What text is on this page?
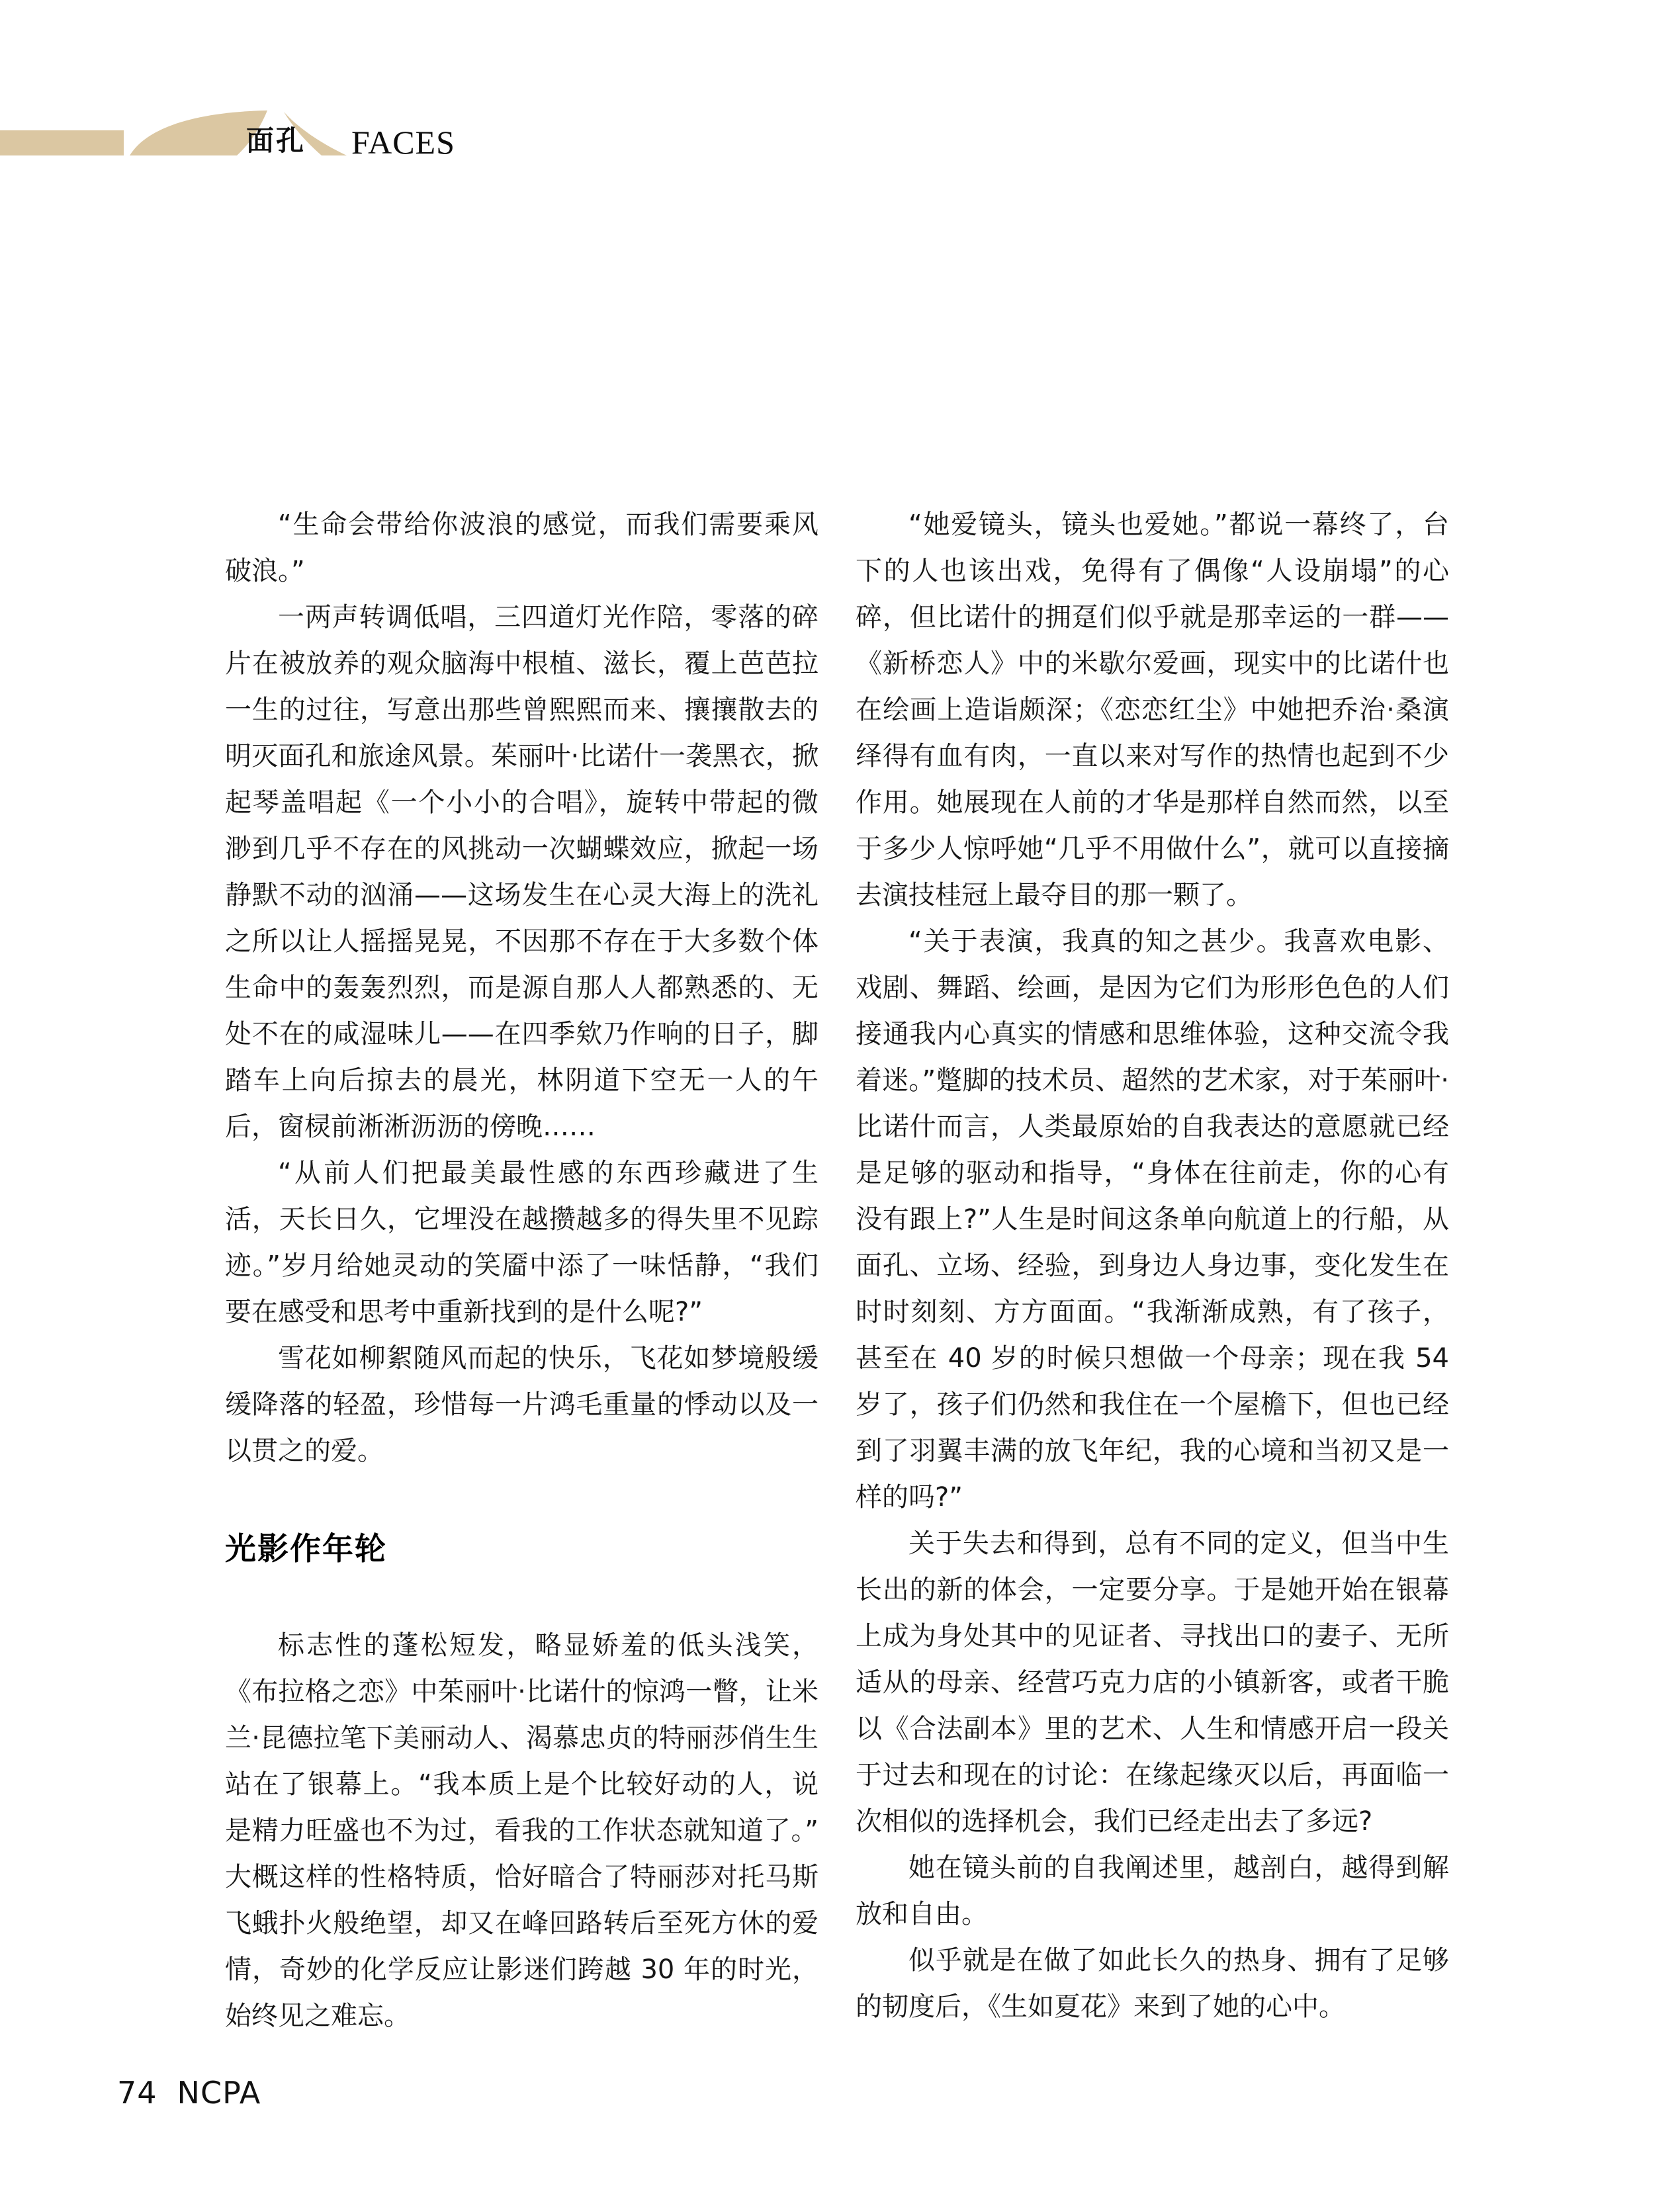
面孔 FACES

“生命会带给你波浪的感觉，而我们需要乘风破浪。”

一两声转调低唱，三四道灯光作陪，零落的碎片在被放养的观众脑海中根植、滋长，覆上芭芭拉一生的过往，写意出那些曾熙熙而来、攘攘散去的明灭面孔和旅途风景。茱丽叶·比诺什一袭黑衣，掀起琴盖唱起《一个小小的合唱》，旋转中带起的微渺到几乎不存在的风挑动一次蝴蝶效应，掀起一场静默不动的汹涌——这场发生在心灵大海上的洗礼之所以让人摇摇晃晃，不因那不存在于大多数个体生命中的轰轰烈烈，而是源自那人人都熟悉的、无处不在的咸湿味儿——在四季欸乃作响的日子，脚踏车上向后掠去的晨光，林阴道下空无一人的午后，窗棂前淅淅沥沥的傍晚……

“从前人们把最美最性感的东西珍藏进了生活，天长日久，它埋没在越攒越多的得失里不见踪迹。”岁月给她灵动的笑靥中添了一味恬静，“我们要在感受和思考中重新找到的是什么呢?”

雪花如柳絮随风而起的快乐，飞花如梦境般缓缓降落的轻盈，珍惜每一片鸿毛重量的悸动以及一以贯之的爱。

光影作年轮

标志性的蓬松短发，略显娇羞的低头浅笑，《布拉格之恋》中茱丽叶·比诺什的惊鸿一瞥，让米兰·昆德拉笔下美丽动人、渴慕忠贞的特丽莎俏生生站在了银幕上。“我本质上是个比较好动的人，说是精力旺盛也不为过，看我的工作状态就知道了。”大概这样的性格特质，恰好暗合了特丽莎对托马斯飞蛾扑火般绝望，却又在峰回路转后至死方休的爱情，奇妙的化学反应让影迷们跨越 30 年的时光，始终见之难忘。

“她爱镜头，镜头也爱她。”都说一幕终了，台下的人也该出戏，免得有了偶像“人设崩塌”的心碎，但比诺什的拥趸们似乎就是那幸运的一群——《新桥恋人》中的米歇尔爱画，现实中的比诺什也在绘画上造诣颇深；《恋恋红尘》中她把乔治·桑演绎得有血有肉，一直以来对写作的热情也起到不少作用。她展现在人前的才华是那样自然而然，以至于多少人惊呼她“几乎不用做什么”，就可以直接摘去演技桂冠上最夺目的那一颗了。

“关于表演，我真的知之甚少。我喜欢电影、戏剧、舞蹈、绘画，是因为它们为形形色色的人们接通我内心真实的情感和思维体验，这种交流令我着迷。”蹩脚的技术员、超然的艺术家，对于茱丽叶·比诺什而言，人类最原始的自我表达的意愿就已经是足够的驱动和指导，“身体在往前走，你的心有没有跟上?”人生是时间这条单向航道上的行船，从面孔、立场、经验，到身边人身边事，变化发生在时时刻刻、方方面面。“我渐渐成熟，有了孩子，甚至在 40 岁的时候只想做一个母亲；现在我 54 岁了，孩子们仍然和我住在一个屋檐下，但也已经到了羽翼丰满的放飞年纪，我的心境和当初又是一样的吗?”

关于失去和得到，总有不同的定义，但当中生长出的新的体会，一定要分享。于是她开始在银幕上成为身处其中的见证者、寻找出口的妻子、无所适从的母亲、经营巧克力店的小镇新客，或者干脆以《合法副本》里的艺术、人生和情感开启一段关于过去和现在的讨论：在缘起缘灭以后，再面临一次相似的选择机会，我们已经走出去了多远?

她在镜头前的自我阐述里，越剖白，越得到解放和自由。

似乎就是在做了如此长久的热身、拥有了足够的韧度后，《生如夏花》来到了她的心中。

74 NCPA
